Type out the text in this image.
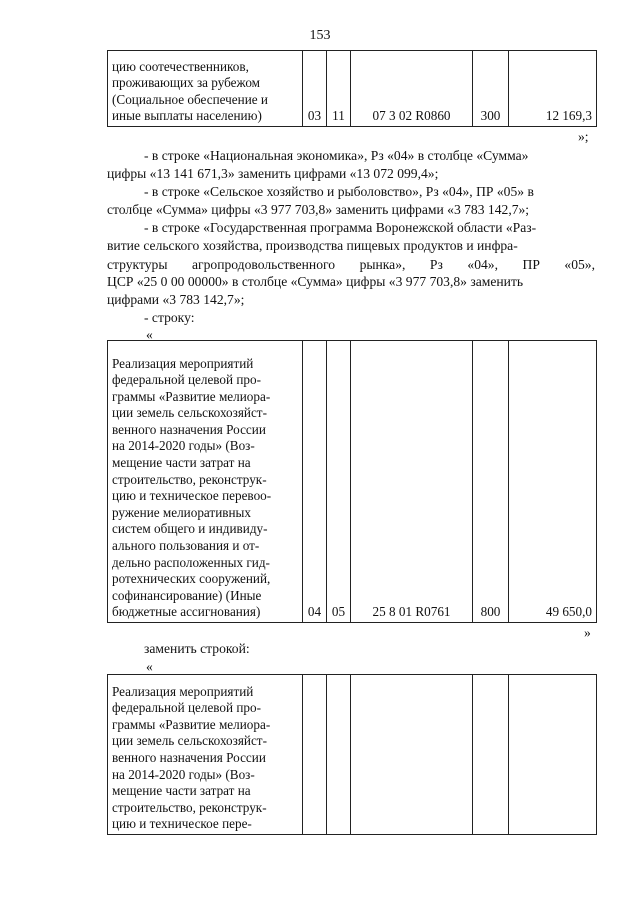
153
цию соотечественников,
проживающих за рубежом
(Социальное обеспечение и
иные выплаты населению)	03	11	07 3 02 R0860	300	12 169,3
»;
- в строке «Национальная экономика», Рз «04» в столбце «Сумма»
цифры «13 141 671,3» заменить цифрами «13 072 099,4»;
- в строке «Сельское хозяйство и рыболовство», Рз «04», ПР «05» в
столбце «Сумма» цифры «3 977 703,8» заменить цифрами «3 783 142,7»;
- в строке «Государственная программа Воронежской области «Раз-
витие сельского хозяйства, производства пищевых продуктов и инфра-
структуры агропродовольственного рынка», Рз «04», ПР «05»,
ЦСР «25 0 00 00000» в столбце «Сумма» цифры «3 977 703,8» заменить
цифрами «3 783 142,7»;
- строку:
«
Реализация мероприятий
федеральной целевой про-
граммы «Развитие мелиора-
ции земель сельскохозяйст-
венного назначения России
на 2014-2020 годы» (Воз-
мещение части затрат на
строительство, реконструк-
цию и техническое перевоо-
ружение мелиоративных
систем общего и индивиду-
ального пользования и от-
дельно расположенных гид-
ротехнических сооружений,
софинансирование) (Иные
бюджетные ассигнования)	04	05	25 8 01 R0761	800	49 650,0
»
заменить строкой:
«
Реализация мероприятий
федеральной целевой про-
граммы «Развитие мелиора-
ции земель сельскохозяйст-
венного назначения России
на 2014-2020 годы» (Воз-
мещение части затрат на
строительство, реконструк-
цию и техническое пере-					
